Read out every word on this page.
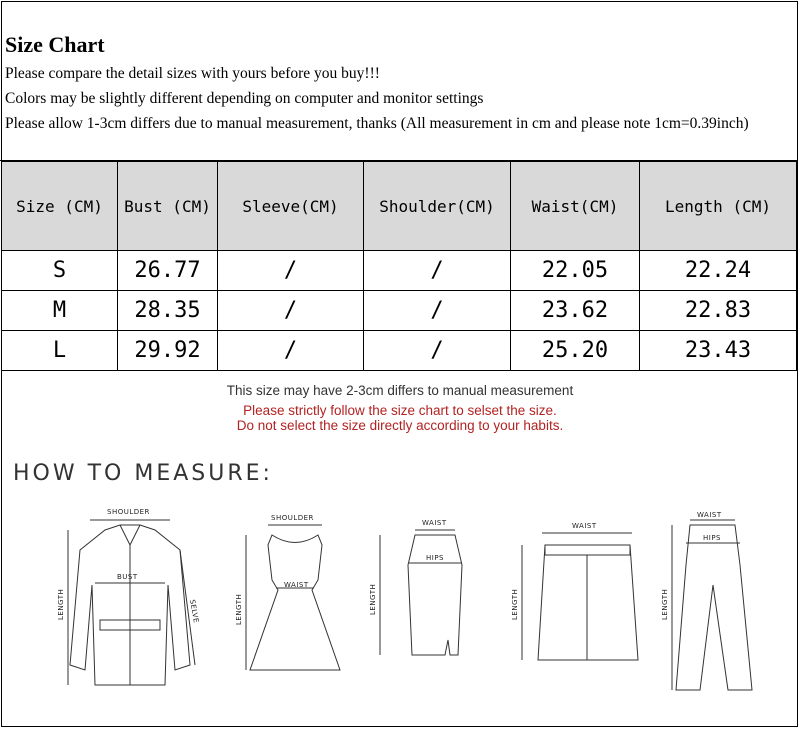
Size Chart
Please compare the detail sizes with yours before you buy!!!
Colors may be slightly different depending on computer and monitor settings
Please allow 1-3cm differs due to manual measurement, thanks (All measurement in cm and please note 1cm=0.39inch)
Size (CM)	Bust (CM)	Sleeve(CM)	Shoulder(CM)	Waist(CM)	Length (CM)
S	26.77	/	/	22.05	22.24
M	28.35	/	/	23.62	22.83
L	29.92	/	/	25.20	23.43
This size may have 2-3cm differs to manual measurement
Please strictly follow the size chart to selset the size.
Do not select the size directly according to your habits.
HOW TO MEASURE:
SHOULDER
BUST
LENGTH	SELVE
SHOULDER
WAIST
LENGTH
WAIST
HIPS
LENGTH
WAIST
LENGTH
WAIST
HIPS
LENGTH
